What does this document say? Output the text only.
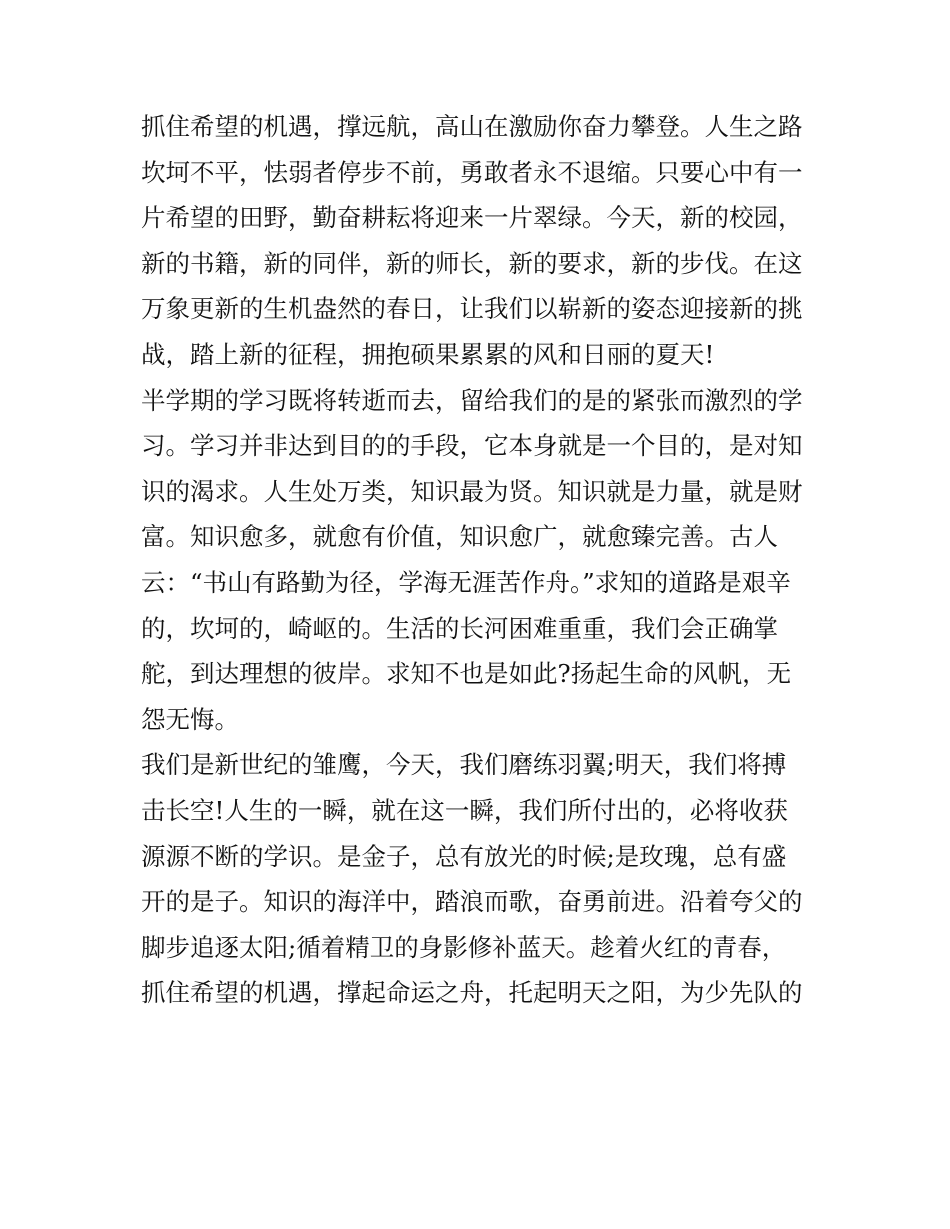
抓住希望的机遇，撑远航，高山在激励你奋力攀登。人生之路
坎坷不平，怯弱者停步不前，勇敢者永不退缩。只要心中有一
片希望的田野，勤奋耕耘将迎来一片翠绿。今天，新的校园，
新的书籍，新的同伴，新的师长，新的要求，新的步伐。在这
万象更新的生机盎然的春日，让我们以崭新的姿态迎接新的挑
战，踏上新的征程，拥抱硕果累累的风和日丽的夏天!
半学期的学习既将转逝而去，留给我们的是的紧张而激烈的学
习。学习并非达到目的的手段，它本身就是一个目的，是对知
识的渴求。人生处万类，知识最为贤。知识就是力量，就是财
富。知识愈多，就愈有价值，知识愈广，就愈臻完善。古人
云：“书山有路勤为径，学海无涯苦作舟。”求知的道路是艰辛
的，坎坷的，崎岖的。生活的长河困难重重，我们会正确掌
舵，到达理想的彼岸。求知不也是如此?扬起生命的风帆，无
怨无悔。
我们是新世纪的雏鹰，今天，我们磨练羽翼;明天，我们将搏
击长空!人生的一瞬，就在这一瞬，我们所付出的，必将收获
源源不断的学识。是金子，总有放光的时候;是玫瑰，总有盛
开的是子。知识的海洋中，踏浪而歌，奋勇前进。沿着夸父的
脚步追逐太阳;循着精卫的身影修补蓝天。趁着火红的青春，
抓住希望的机遇，撑起命运之舟，托起明天之阳，为少先队的
